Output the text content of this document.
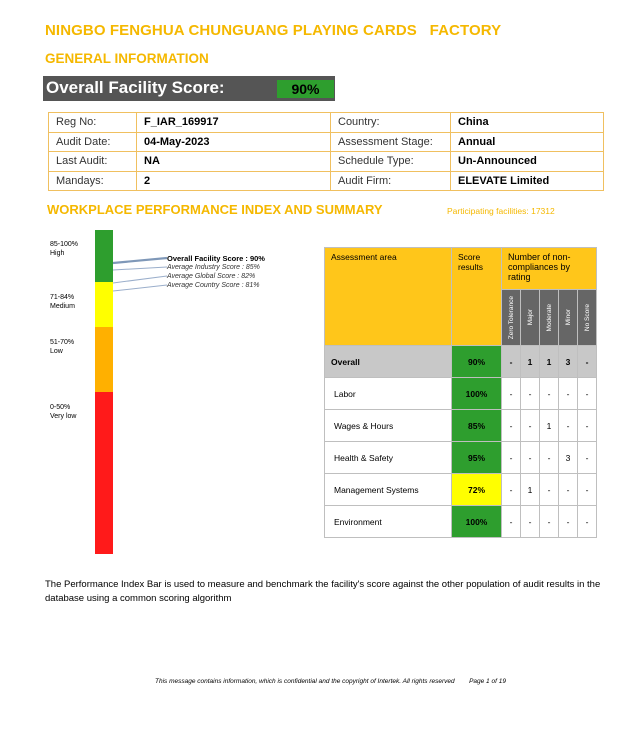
NINGBO FENGHUA CHUNGUANG PLAYING CARDS   FACTORY
GENERAL INFORMATION
Overall Facility Score:	90%
Reg No:	F_IAR_169917	Country:	China
Audit Date:	04-May-2023	Assessment Stage:	Annual
Last Audit:	NA	Schedule Type:	Un-Announced
Mandays:	2	Audit Firm:	ELEVATE Limited
WORKPLACE PERFORMANCE INDEX AND SUMMARY	Participating facilities: 17312
85-100%
High
71-84%
Medium
51-70%
Low
0-50%
Very low
Overall Facility Score : 90%
Average Industry Score : 85%
Average Global Score : 82%
Average Country Score : 81%
Assessment area	Score results	Number of non-compliances by rating				

		Zero Tolerance	Major	Moderate	Minor	No Score

Overall	90%	-	1	1	3	-
Labor	100%	-	-	-	-	-
Wages & Hours	85%	-	-	1	-	-
Health & Safety	95%	-	-	-	3	-
Management Systems	72%	-	1	-	-	-
Environment	100%	-	-	-	-	-
The Performance Index Bar is used to measure and benchmark the facility's score against the other population of audit results in the database using a common scoring algorithm
This message contains information, which is confidential and the copyright of Intertek. All rights reserved        Page 1 of 19
